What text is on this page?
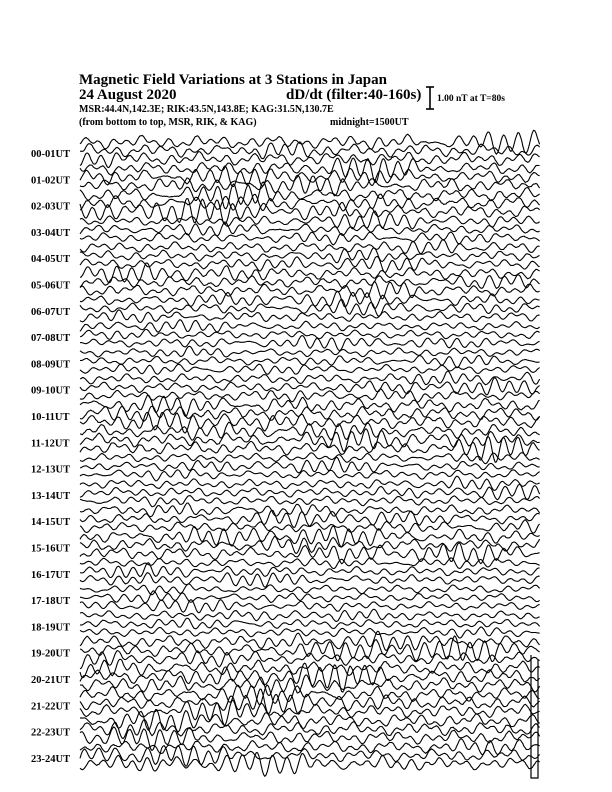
Magnetic Field Variations at 3 Stations in Japan

24 August 2020	dD/dt (filter:40-160s)

MSR:44.4N,142.3E; RIK:43.5N,143.8E; KAG:31.5N,130.7E

(from bottom to top, MSR, RIK, & KAG)	midnight=1500UT

1.00 nT at T=80s

00-01UT
01-02UT
02-03UT
03-04UT
04-05UT
05-06UT
06-07UT
07-08UT
08-09UT
09-10UT
10-11UT
11-12UT
12-13UT
13-14UT
14-15UT
15-16UT
16-17UT
17-18UT
18-19UT
19-20UT
20-21UT
21-22UT
22-23UT
23-24UT
